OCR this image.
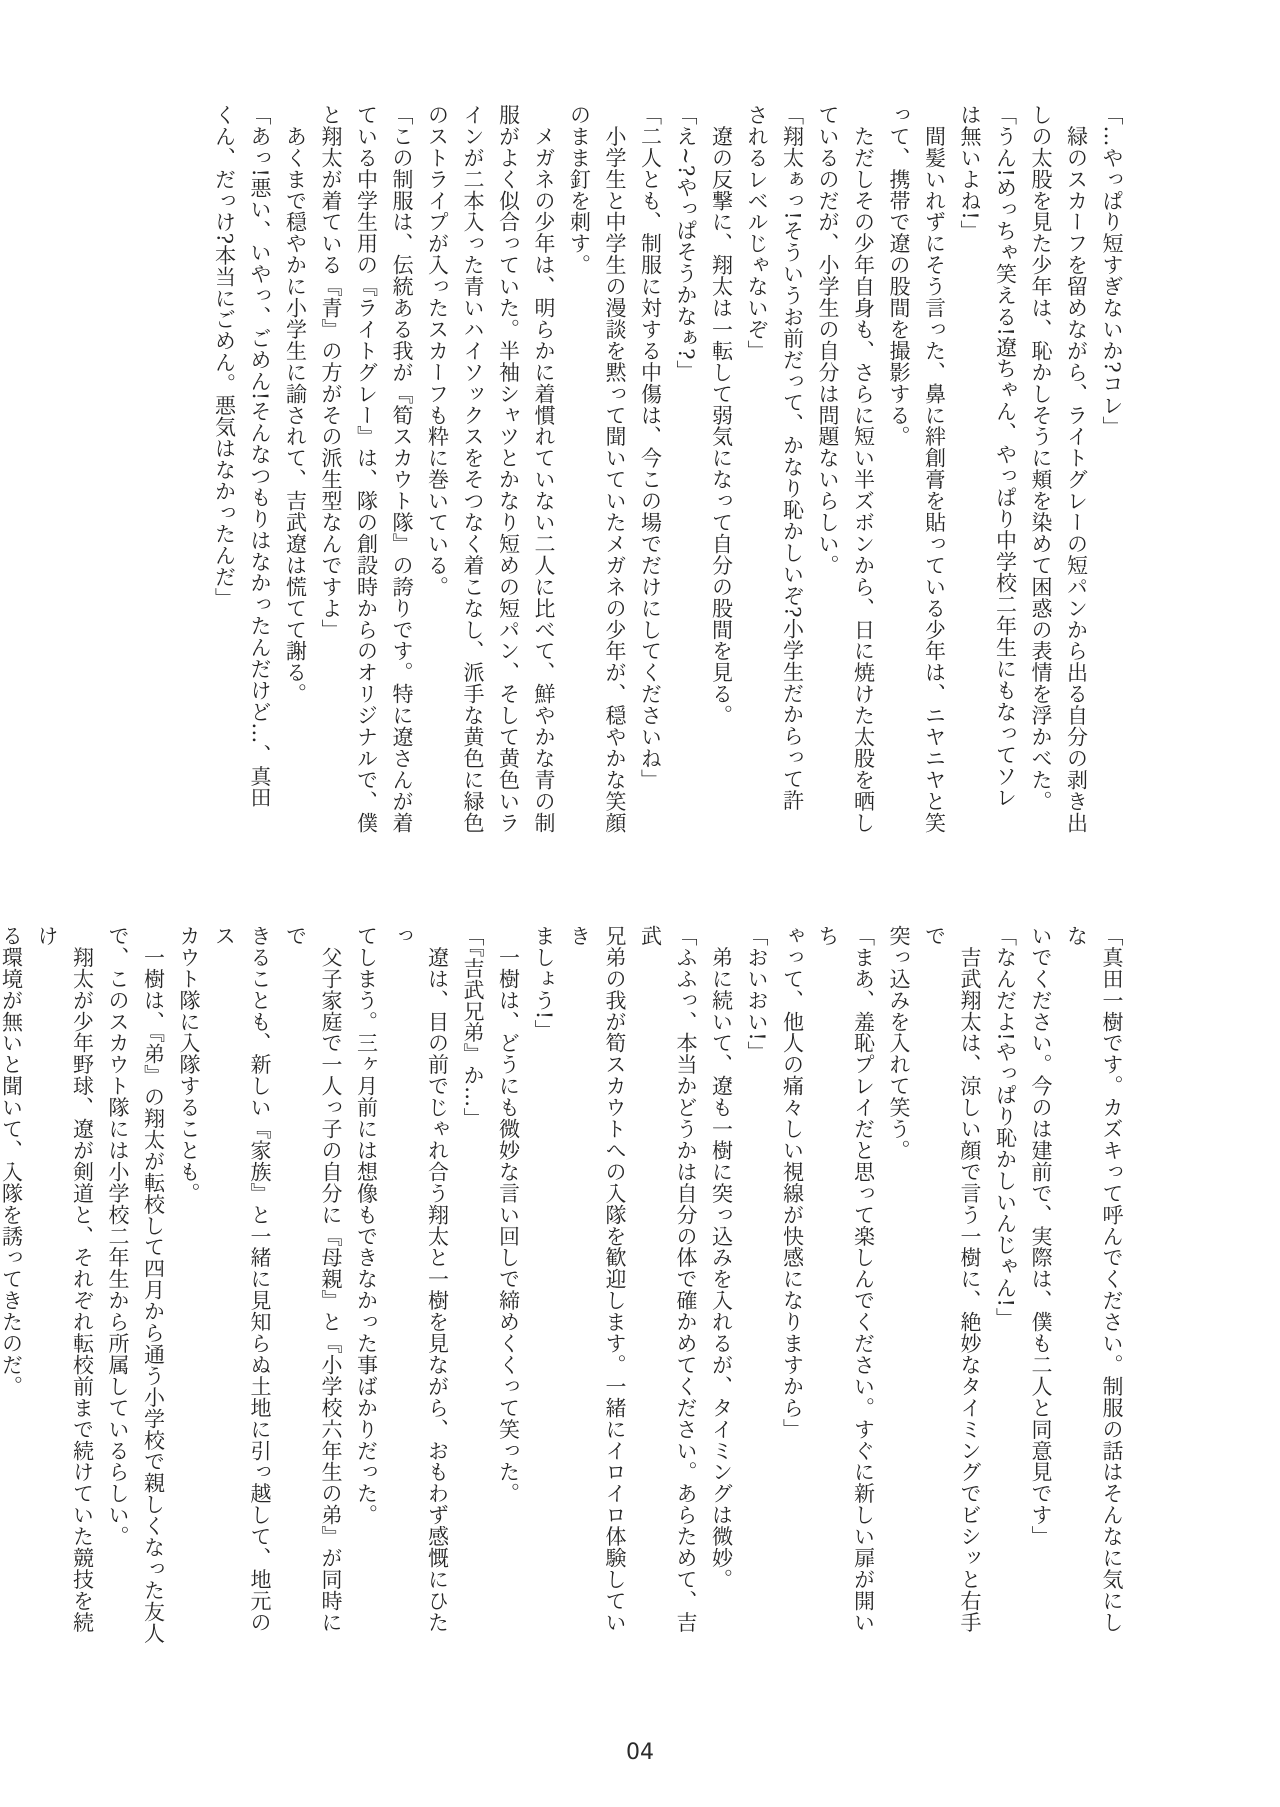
「…やっぱり短すぎないか?コレ」

　緑のスカーフを留めながら、ライトグレーの短パンから出る自分の剥き出

しの太股を見た少年は、恥かしそうに頬を染めて困惑の表情を浮かべた。

「うん!めっちゃ笑える!遼ちゃん、やっぱり中学校二年生にもなってソレ

は無いよね!」

　間髪いれずにそう言った、鼻に絆創膏を貼っている少年は、ニヤニヤと笑

って、携帯で遼の股間を撮影する。

　ただしその少年自身も、さらに短い半ズボンから、日に焼けた太股を晒し

ているのだが、小学生の自分は問題ないらしい。

「翔太ぁっ!そういうお前だって、かなり恥かしいぞ?小学生だからって許

されるレベルじゃないぞ」

　遼の反撃に、翔太は一転して弱気になって自分の股間を見る。

「え~?やっぱそうかなぁ?」

「二人とも、制服に対する中傷は、今この場でだけにしてくださいね」

　小学生と中学生の漫談を黙って聞いていたメガネの少年が、穏やかな笑顔

のまま釘を刺す。

　メガネの少年は、明らかに着慣れていない二人に比べて、鮮やかな青の制

服がよく似合っていた。半袖シャツとかなり短めの短パン、そして黄色いラ

インが二本入った青いハイソックスをそつなく着こなし、派手な黄色に緑色

のストライプが入ったスカーフも粋に巻いている。

「この制服は、伝統ある我が『筍スカウト隊』の誇りです。特に遼さんが着

ている中学生用の『ライトグレー』は、隊の創設時からのオリジナルで、僕

と翔太が着ている『青』の方がその派生型なんですよ」

　あくまで穏やかに小学生に諭されて、吉武遼は慌てて謝る。

「あっ!悪い、いやっ、ごめん!そんなつもりはなかったんだけど…、真田

くん、だっけ?本当にごめん。悪気はなかったんだ」

「真田一樹です。カズキって呼んでください。制服の話はそんなに気にしな

いでください。今のは建前で、実際は、僕も二人と同意見です」

「なんだよ!やっぱり恥かしいんじゃん!」

　吉武翔太は、涼しい顔で言う一樹に、絶妙なタイミングでビシッと右手で

突っ込みを入れて笑う。

「まあ、羞恥プレイだと思って楽しんでください。すぐに新しい扉が開いち

ゃって、他人の痛々しい視線が快感になりますから」

「おいおい!」

　弟に続いて、遼も一樹に突っ込みを入れるが、タイミングは微妙。

「ふふっ、本当かどうかは自分の体で確かめてください。あらためて、吉武

兄弟の我が筍スカウトへの入隊を歓迎します。一緒にイロイロ体験していき

ましょう!」

　一樹は、どうにも微妙な言い回しで締めくくって笑った。

「『吉武兄弟』か…」

　遼は、目の前でじゃれ合う翔太と一樹を見ながら、おもわず感慨にひたっ

てしまう。三ヶ月前には想像もできなかった事ばかりだった。

　父子家庭で一人っ子の自分に『母親』と『小学校六年生の弟』が同時にで

きることも、新しい『家族』と一緒に見知らぬ土地に引っ越して、地元のス

カウト隊に入隊することも。

　一樹は、『弟』の翔太が転校して四月から通う小学校で親しくなった友人

で、このスカウト隊には小学校二年生から所属しているらしい。

　翔太が少年野球、遼が剣道と、それぞれ転校前まで続けていた競技を続け

る環境が無いと聞いて、入隊を誘ってきたのだ。

04
